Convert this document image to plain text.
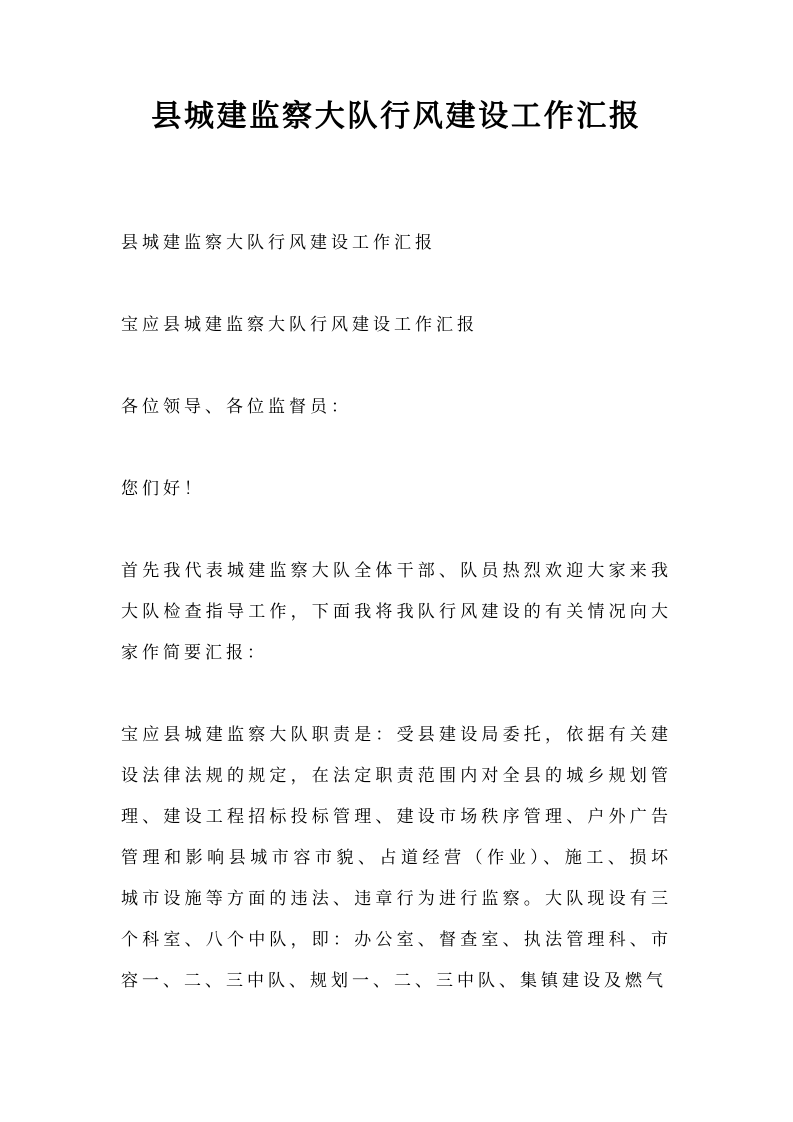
县城建监察大队行风建设工作汇报

县城建监察大队行风建设工作汇报

宝应县城建监察大队行风建设工作汇报

各位领导、各位监督员：

您们好！

首先我代表城建监察大队全体干部、队员热烈欢迎大家来我大队检查指导工作，下面我将我队行风建设的有关情况向大家作简要汇报：

宝应县城建监察大队职责是：受县建设局委托，依据有关建设法律法规的规定，在法定职责范围内对全县的城乡规划管理、建设工程招标投标管理、建设市场秩序管理、户外广告管理和影响县城市容市貌、占道经营（作业）、施工、损坏城市设施等方面的违法、违章行为进行监察。大队现设有三个科室、八个中队，即：办公室、督查室、执法管理科、市容一、二、三中队、规划一、二、三中队、集镇建设及燃气
